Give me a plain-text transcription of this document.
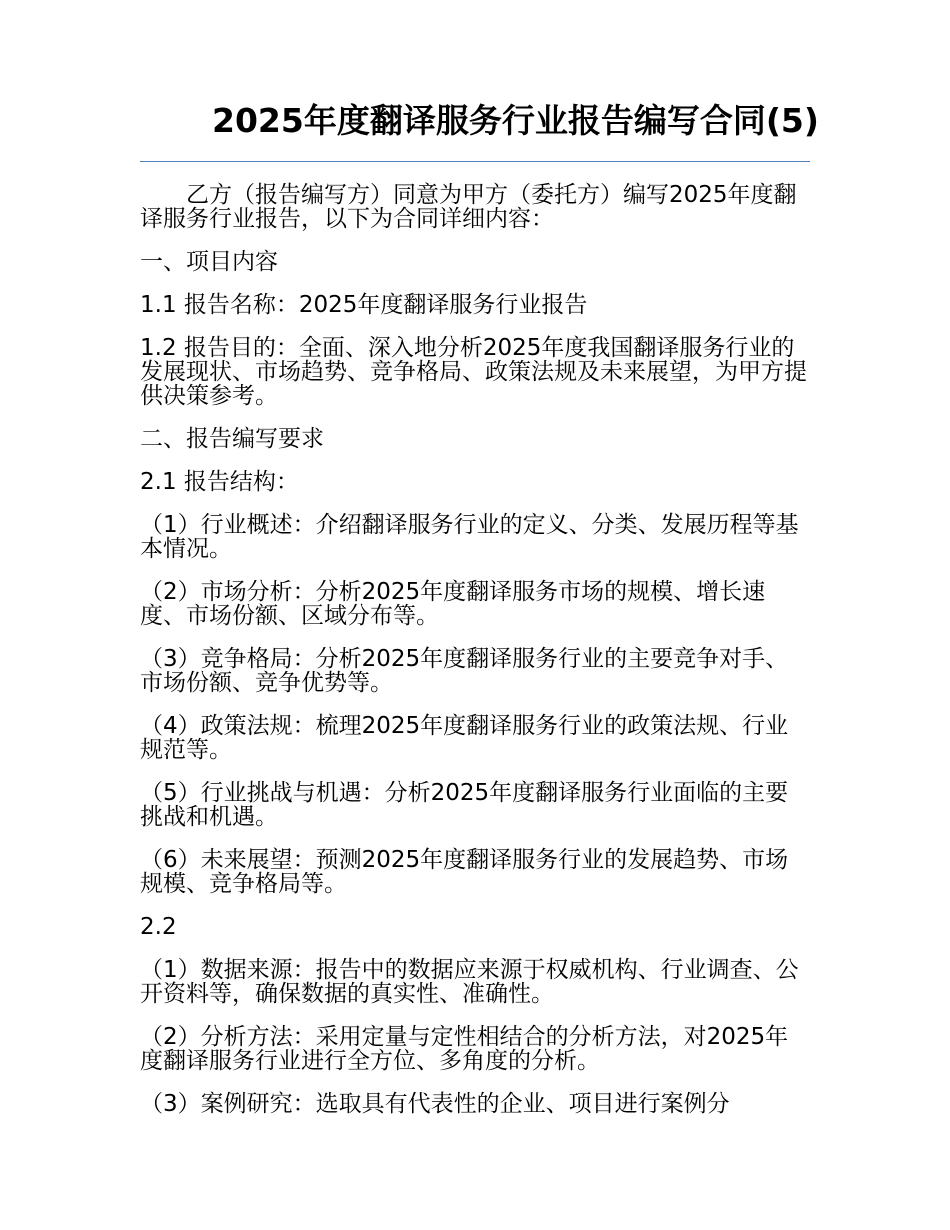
2025年度翻译服务行业报告编写合同(5)

乙方（报告编写方）同意为甲方（委托方）编写2025年度翻译服务行业报告，以下为合同详细内容：

一、项目内容

1.1 报告名称：2025年度翻译服务行业报告

1.2 报告目的：全面、深入地分析2025年度我国翻译服务行业的发展现状、市场趋势、竞争格局、政策法规及未来展望，为甲方提供决策参考。

二、报告编写要求

2.1 报告结构：

（1）行业概述：介绍翻译服务行业的定义、分类、发展历程等基本情况。

（2）市场分析：分析2025年度翻译服务市场的规模、增长速度、市场份额、区域分布等。

（3）竞争格局：分析2025年度翻译服务行业的主要竞争对手、市场份额、竞争优势等。

（4）政策法规：梳理2025年度翻译服务行业的政策法规、行业规范等。

（5）行业挑战与机遇：分析2025年度翻译服务行业面临的主要挑战和机遇。

（6）未来展望：预测2025年度翻译服务行业的发展趋势、市场规模、竞争格局等。

2.2

（1）数据来源：报告中的数据应来源于权威机构、行业调查、公开资料等，确保数据的真实性、准确性。

（2）分析方法：采用定量与定性相结合的分析方法，对2025年度翻译服务行业进行全方位、多角度的分析。

（3）案例研究：选取具有代表性的企业、项目进行案例分
